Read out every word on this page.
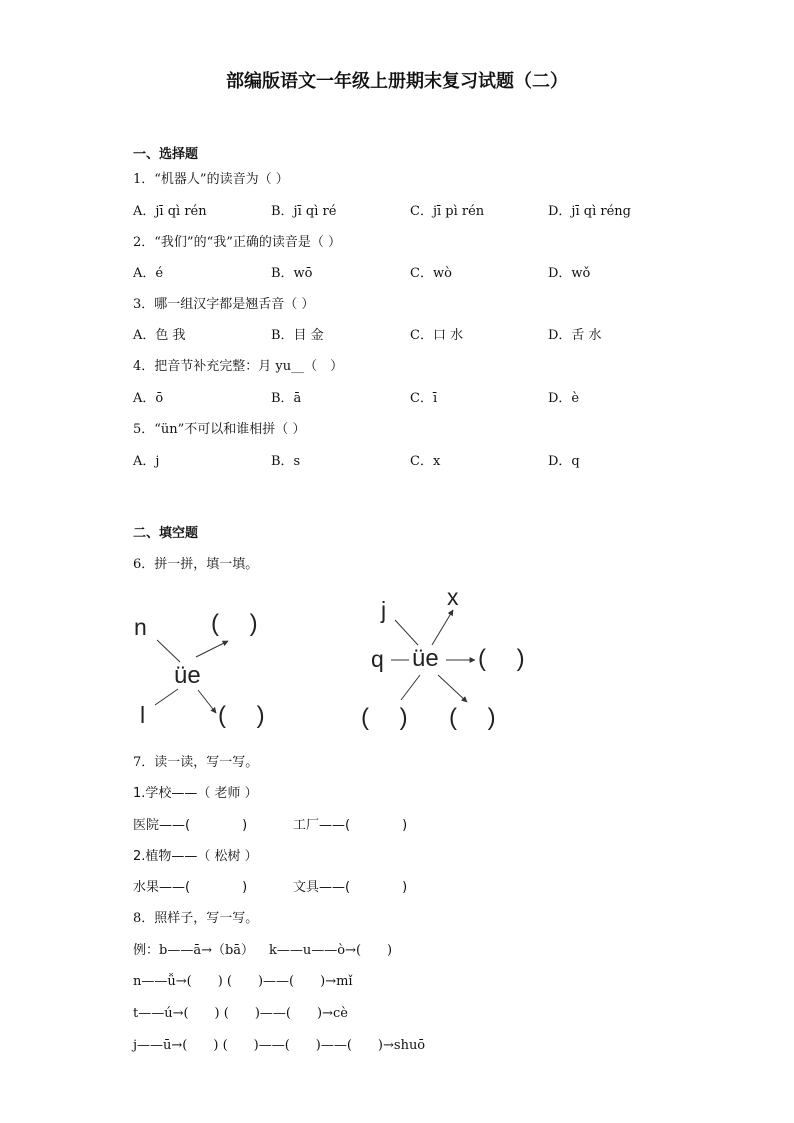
部编版语文一年级上册期末复习试题（二）
一、选择题
1．“机器人”的读音为（ ）
A．jī qì rén	B．jī qì ré	C．jī pì rén	D．jī qì réng
2．“我们”的“我”正确的读音是（ ）
A．é	B．wō	C．wò	D．wǒ
3．哪一组汉字都是翘舌音（ ）
A．色 我	B．目 金	C．口 水	D．舌 水
4．把音节补充完整：月 yu__（　）
A．ō	B．ā	C．ī	D．è
5．“ün”不可以和谁相拼（ ）
A．j	B．s	C．x	D．q
二、填空题
6．拼一拼，填一填。
n
l
üe
(　 )
(　 )
j	x
q üe (　 )
(　 ) (　 )
7．读一读，写一写。
1.学校——（ 老师 ）
医院——(　　　　)	工厂——(　　　　)
2.植物——（ 松树 ）
水果——(　　　　)	文具——(　　　　)
8．照样子，写一写。
例：b——ā→（bā） k——u——ò→(　　)
n——ǚ→(　　) (　　)——(　　)→mǐ
t——ú→(　　) (　　)——(　　)→cè
j——ū→(　　) (　　)——(　　)——(　　)→shuō
